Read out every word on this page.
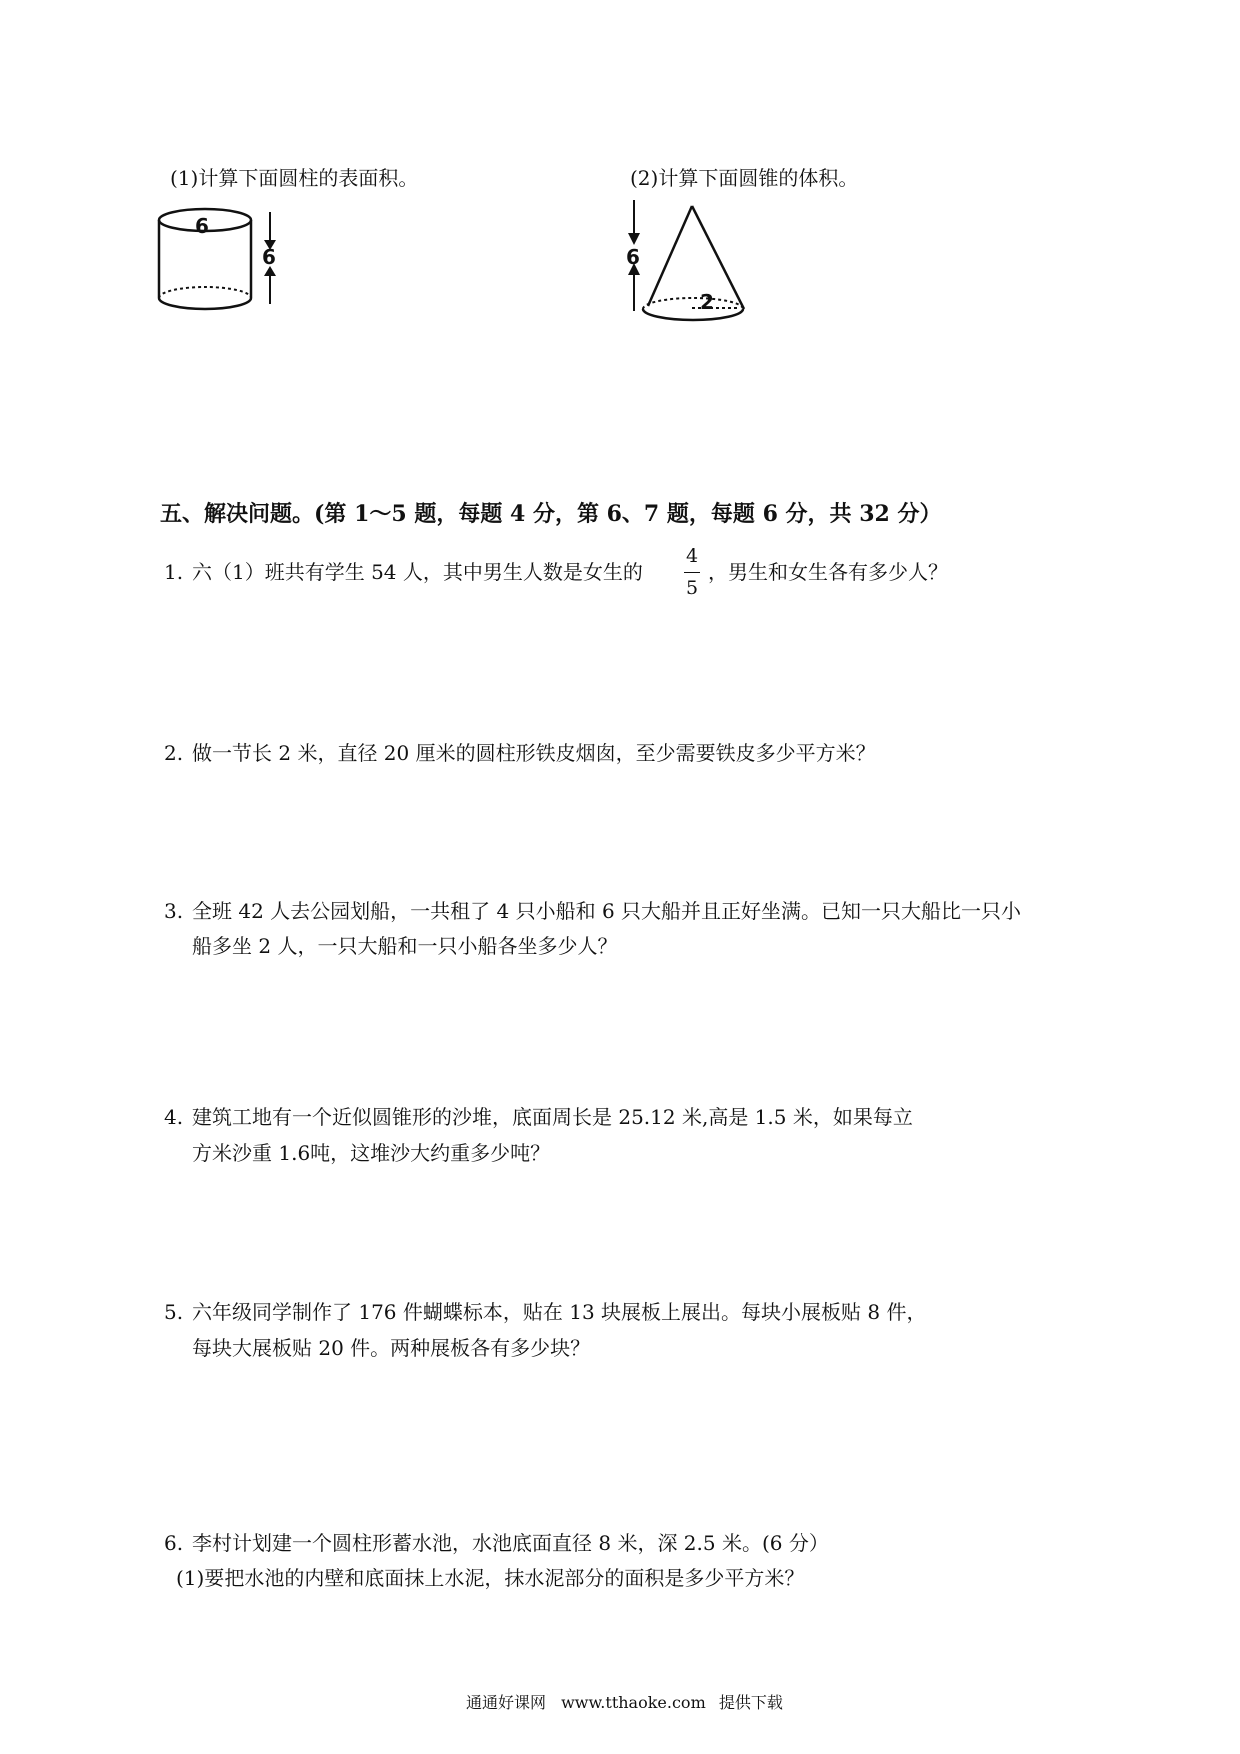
(1)计算下面圆柱的表面积。	(2)计算下面圆锥的体积。
6
6	6
2
五、解决问题。(第 1～5 题，每题 4 分，第 6、7 题，每题 6 分，共 32 分）
1. 六（1）班共有学生 54 人，其中男生人数是女生的
4
5
，男生和女生各有多少人？
2. 做一节长 2 米，直径 20 厘米的圆柱形铁皮烟囱，至少需要铁皮多少平方米？
3. 全班 42 人去公园划船，一共租了 4 只小船和 6 只大船并且正好坐满。已知一只大船比一只小
船多坐 2 人，一只大船和一只小船各坐多少人？
4. 建筑工地有一个近似圆锥形的沙堆，底面周长是 25.12 米,高是 1.5 米，如果每立
方米沙重 1.6吨，这堆沙大约重多少吨？
5. 六年级同学制作了 176 件蝴蝶标本，贴在 13 块展板上展出。每块小展板贴 8 件，
每块大展板贴 20 件。两种展板各有多少块？
6. 李村计划建一个圆柱形蓄水池，水池底面直径 8 米，深 2.5 米。(6 分）
(1)要把水池的内壁和底面抹上水泥，抹水泥部分的面积是多少平方米？
通通好课网 www.tthaoke.com 提供下载
